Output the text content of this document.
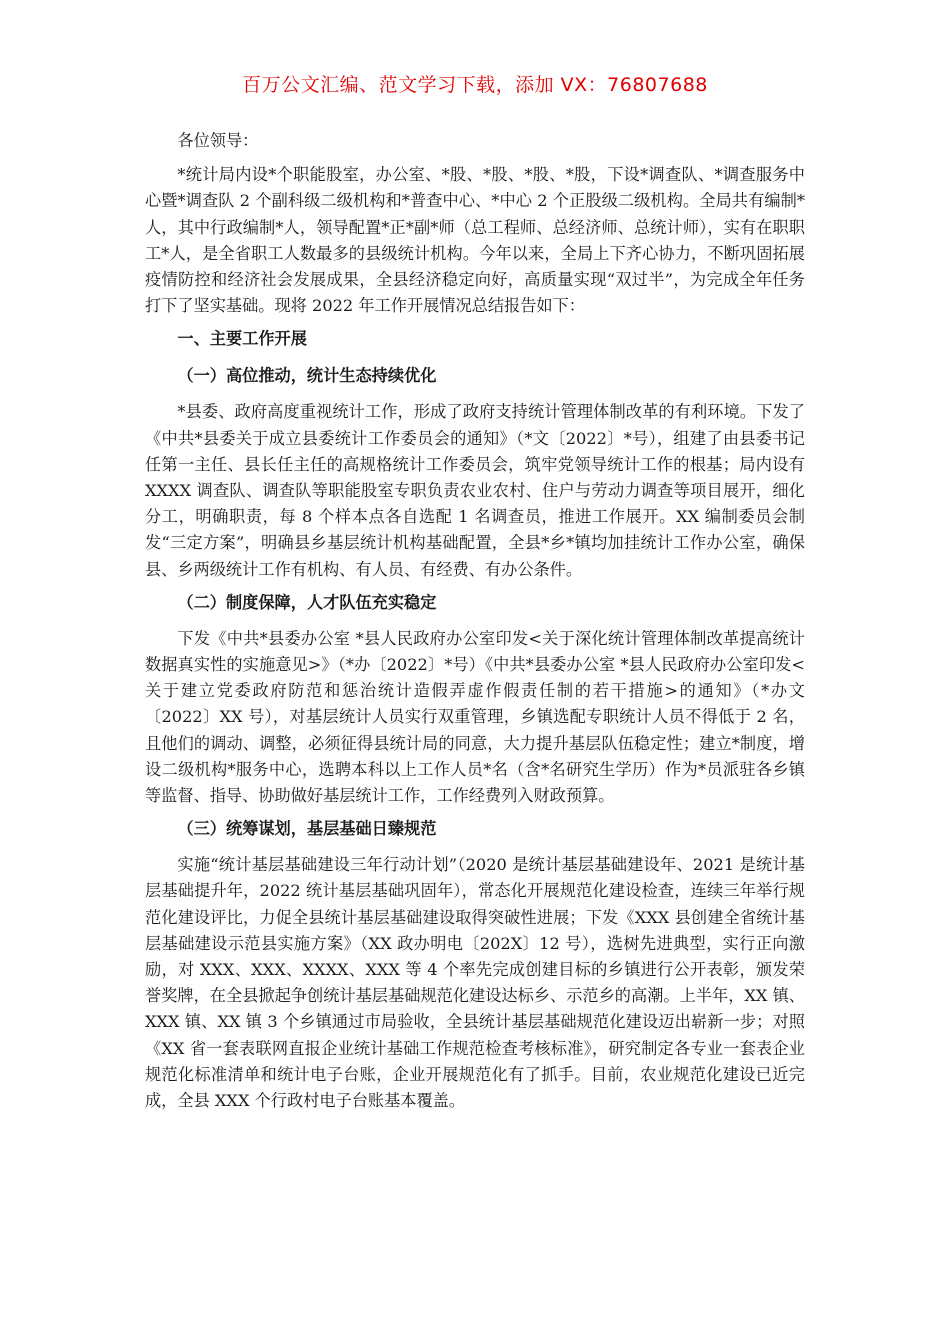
百万公文汇编、范文学习下载，添加 VX：76807688

各位领导：

*统计局内设*个职能股室，办公室、*股、*股、*股、*股，下设*调查队、*调查服务中心暨*调查队 2 个副科级二级机构和*普查中心、*中心 2 个正股级二级机构。全局共有编制*人，其中行政编制*人，领导配置*正*副*师（总工程师、总经济师、总统计师），实有在职职工*人，是全省职工人数最多的县级统计机构。今年以来，全局上下齐心协力，不断巩固拓展疫情防控和经济社会发展成果，全县经济稳定向好，高质量实现“双过半”，为完成全年任务打下了坚实基础。现将 2022 年工作开展情况总结报告如下：

一、主要工作开展
（一）高位推动，统计生态持续优化

*县委、政府高度重视统计工作，形成了政府支持统计管理体制改革的有利环境。下发了《中共*县委关于成立县委统计工作委员会的通知》（*文〔2022〕*号），组建了由县委书记任第一主任、县长任主任的高规格统计工作委员会，筑牢党领导统计工作的根基；局内设有 XXXX 调查队、调查队等职能股室专职负责农业农村、住户与劳动力调查等项目展开，细化分工，明确职责，每 8 个样本点各自选配 1 名调查员，推进工作展开。XX 编制委员会制发“三定方案”，明确县乡基层统计机构基础配置，全县*乡*镇均加挂统计工作办公室，确保县、乡两级统计工作有机构、有人员、有经费、有办公条件。

（二）制度保障，人才队伍充实稳定

下发《中共*县委办公室 *县人民政府办公室印发<关于深化统计管理体制改革提高统计数据真实性的实施意见>》（*办〔2022〕*号）《中共*县委办公室 *县人民政府办公室印发<关于建立党委政府防范和惩治统计造假弄虚作假责任制的若干措施>的通知》（*办文〔2022〕XX 号），对基层统计人员实行双重管理，乡镇选配专职统计人员不得低于 2 名，且他们的调动、调整，必须征得县统计局的同意，大力提升基层队伍稳定性；建立*制度，增设二级机构*服务中心，选聘本科以上工作人员*名（含*名研究生学历）作为*员派驻各乡镇等监督、指导、协助做好基层统计工作，工作经费列入财政预算。

（三）统筹谋划，基层基础日臻规范

实施“统计基层基础建设三年行动计划”（2020 是统计基层基础建设年、2021 是统计基层基础提升年，2022 统计基层基础巩固年），常态化开展规范化建设检查，连续三年举行规范化建设评比，力促全县统计基层基础建设取得突破性进展；下发《XXX 县创建全省统计基层基础建设示范县实施方案》（XX 政办明电〔202X〕12 号），选树先进典型，实行正向激励，对 XXX、XXX、XXXX、XXX 等 4 个率先完成创建目标的乡镇进行公开表彰，颁发荣誉奖牌，在全县掀起争创统计基层基础规范化建设达标乡、示范乡的高潮。上半年，XX 镇、XXX 镇、XX 镇 3 个乡镇通过市局验收，全县统计基层基础规范化建设迈出崭新一步；对照《XX 省一套表联网直报企业统计基础工作规范检查考核标准》，研究制定各专业一套表企业规范化标准清单和统计电子台账，企业开展规范化有了抓手。目前，农业规范化建设已近完成，全县 XXX 个行政村电子台账基本覆盖。
